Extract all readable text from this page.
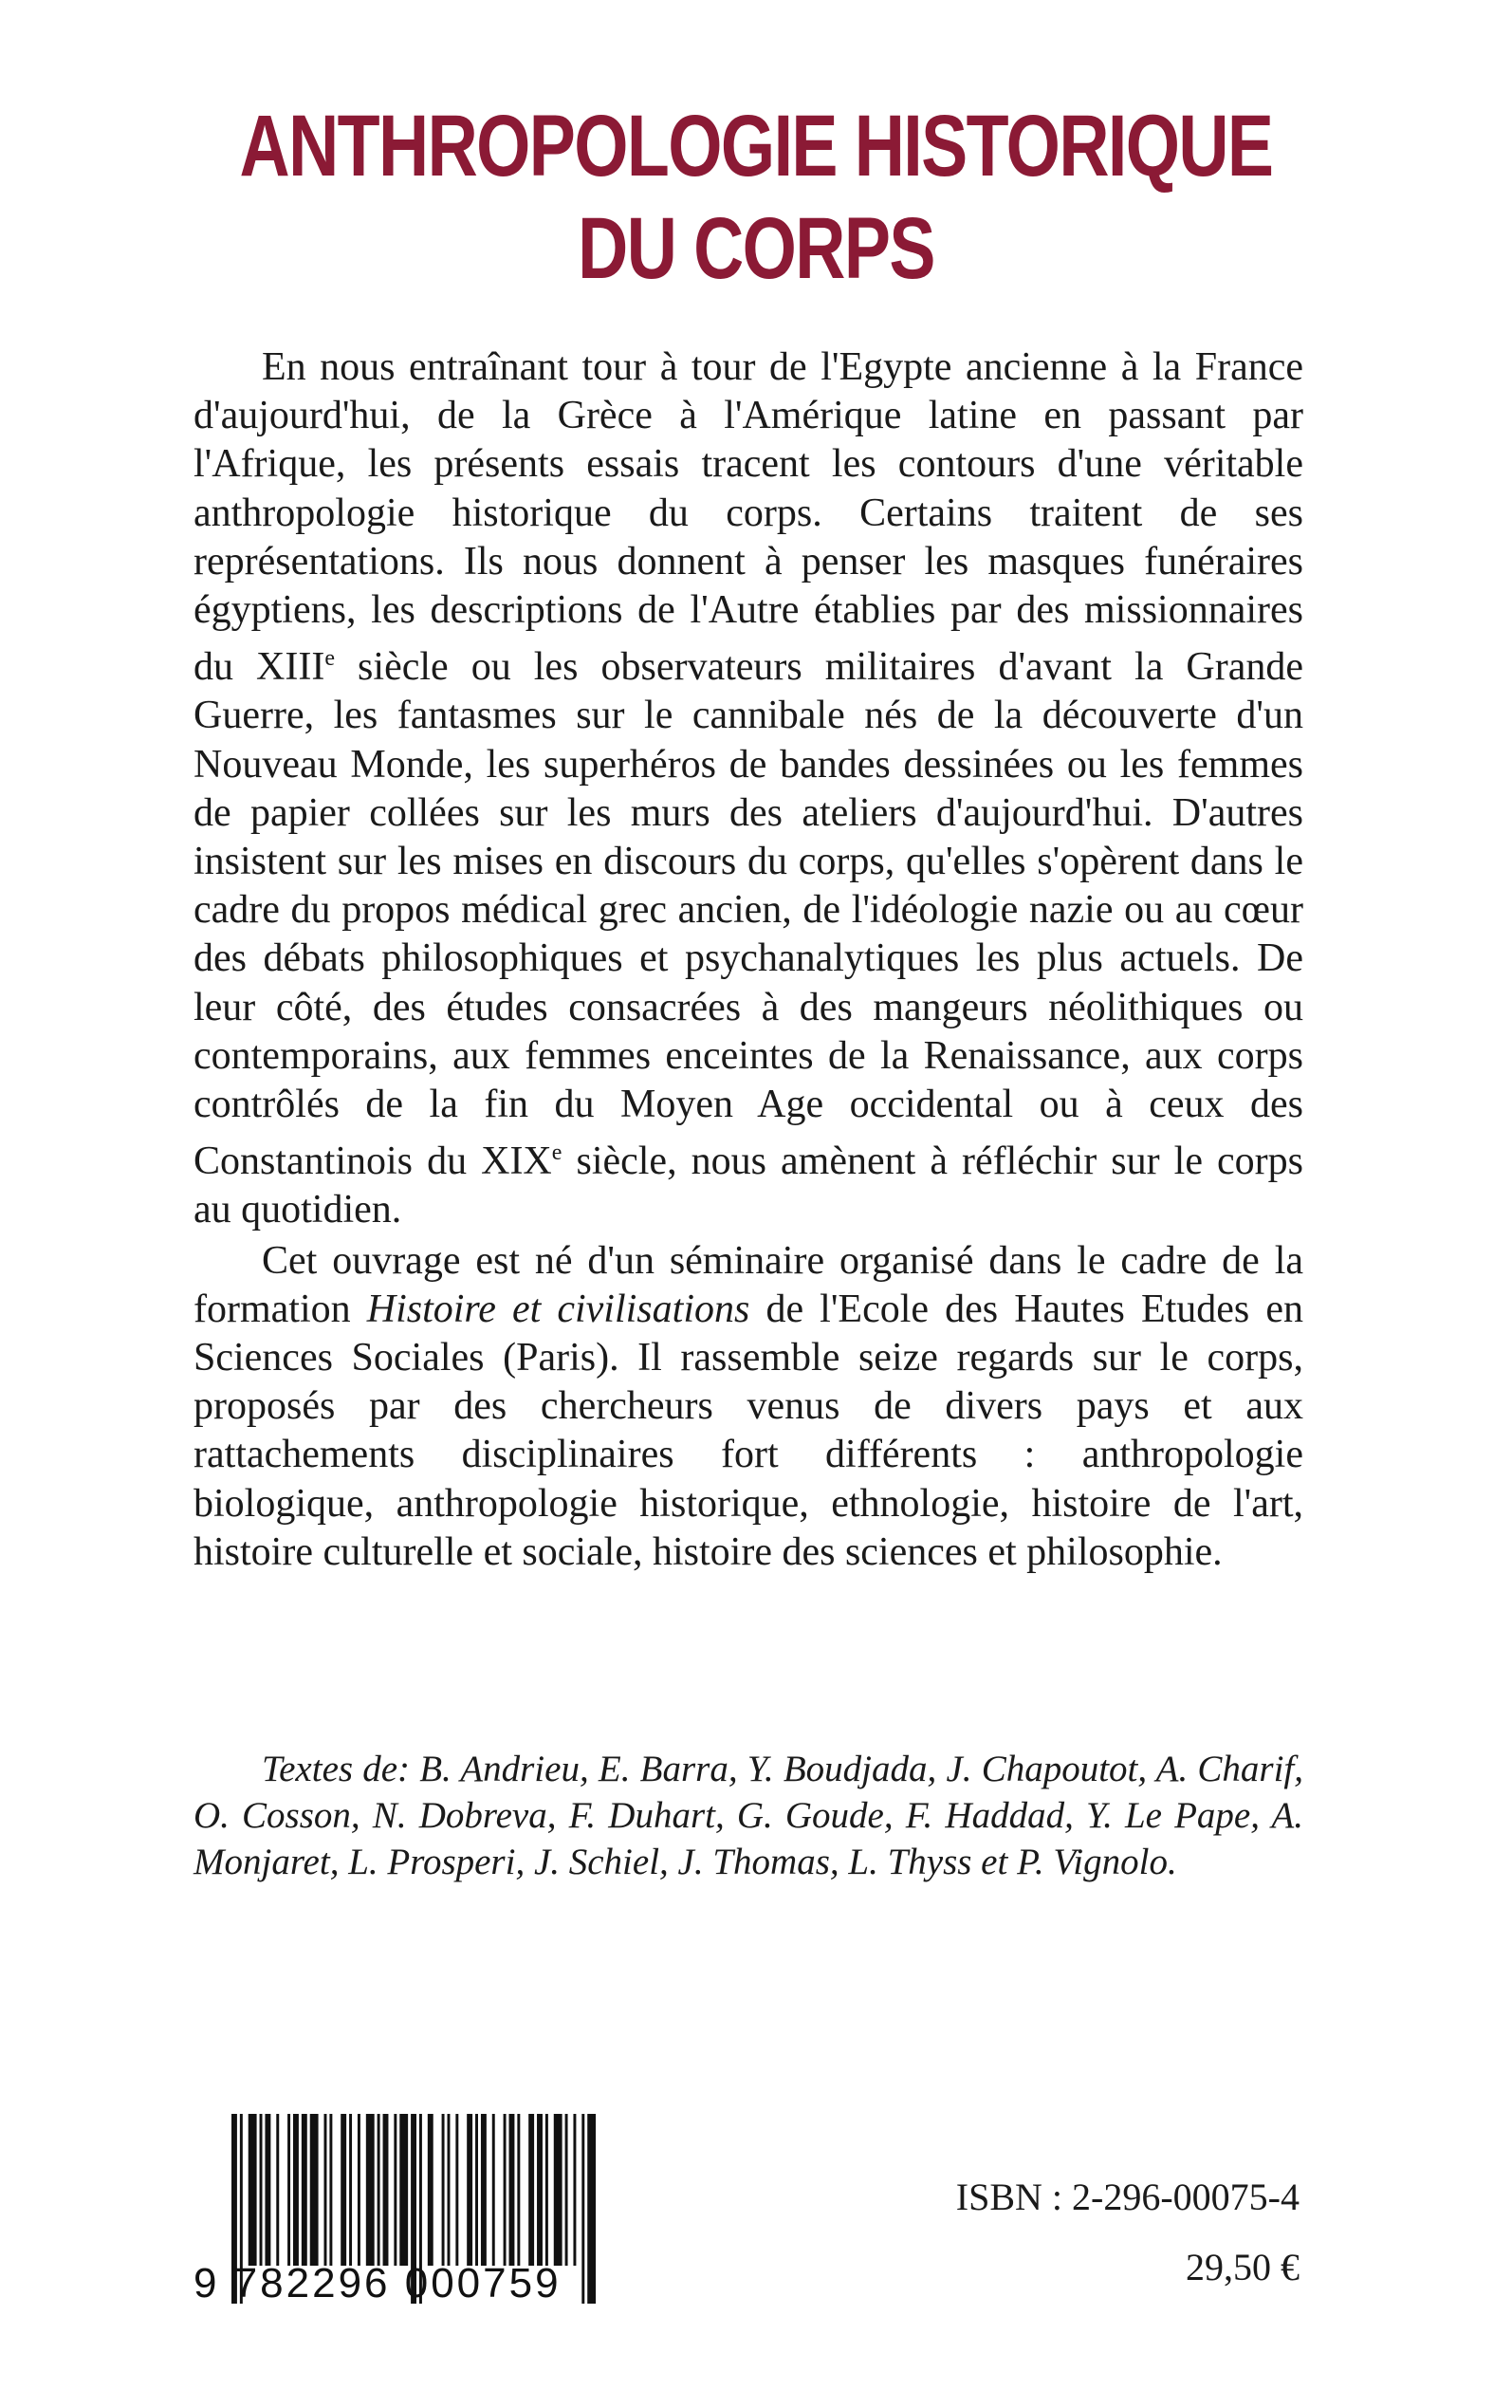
ANTHROPOLOGIE HISTORIQUE
DU CORPS

En nous entraînant tour à tour de l'Egypte ancienne à la France d'aujourd'hui, de la Grèce à l'Amérique latine en passant par l'Afrique, les présents essais tracent les contours d'une véritable anthropologie historique du corps. Certains traitent de ses représentations. Ils nous donnent à penser les masques funéraires égyptiens, les descriptions de l'Autre établies par des missionnaires du XIIIe siècle ou les observateurs militaires d'avant la Grande Guerre, les fantasmes sur le cannibale nés de la découverte d'un Nouveau Monde, les superhéros de bandes dessinées ou les femmes de papier collées sur les murs des ateliers d'aujourd'hui. D'autres insistent sur les mises en discours du corps, qu'elles s'opèrent dans le cadre du propos médical grec ancien, de l'idéologie nazie ou au cœur des débats philosophiques et psychanalytiques les plus actuels. De leur côté, des études consacrées à des mangeurs néolithiques ou contemporains, aux femmes enceintes de la Renaissance, aux corps contrôlés de la fin du Moyen Age occidental ou à ceux des Constantinois du XIXe siècle, nous amènent à réfléchir sur le corps au quotidien.

Cet ouvrage est né d'un séminaire organisé dans le cadre de la formation Histoire et civilisations de l'Ecole des Hautes Etudes en Sciences Sociales (Paris). Il rassemble seize regards sur le corps, proposés par des chercheurs venus de divers pays et aux rattachements disciplinaires fort différents : anthropologie biologique, anthropologie historique, ethnologie, histoire de l'art, histoire culturelle et sociale, histoire des sciences et philosophie.

Textes de: B. Andrieu, E. Barra, Y. Boudjada, J. Chapoutot, A. Charif, O. Cosson, N. Dobreva, F. Duhart, G. Goude, F. Haddad, Y. Le Pape, A. Monjaret, L. Prosperi, J. Schiel, J. Thomas, L. Thyss et P. Vignolo.
9 782296 000759
ISBN : 2-296-00075-4
29,50 €
